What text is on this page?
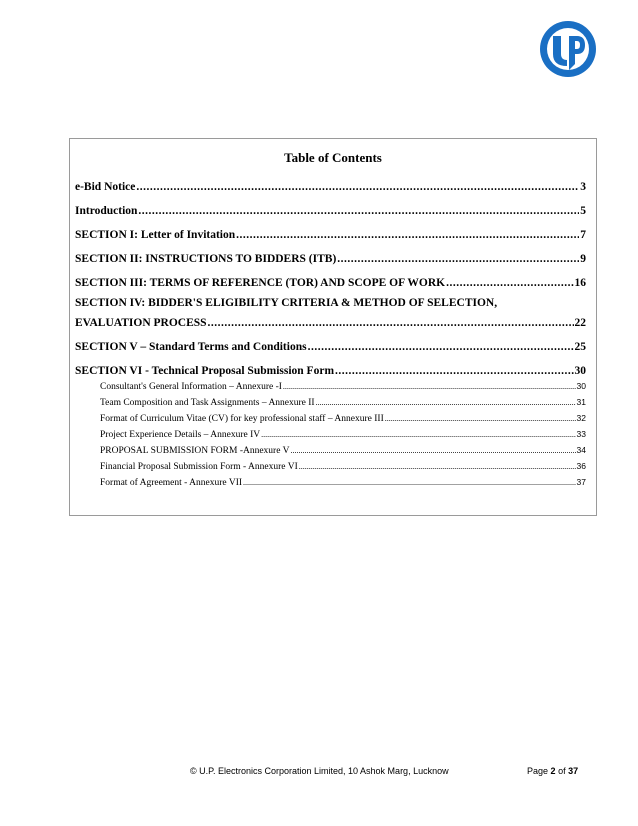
Table of Contents
e-Bid Notice .....	3
Introduction .....	5
SECTION I: Letter of Invitation .....	7
SECTION II: INSTRUCTIONS TO BIDDERS (ITB) .....	9
SECTION III: TERMS OF REFERENCE (TOR) AND SCOPE OF WORK .....	16
SECTION IV: BIDDER'S ELIGIBILITY CRITERIA & METHOD OF SELECTION,
EVALUATION PROCESS .....	22
SECTION V – Standard Terms and Conditions .....	25
SECTION VI - Technical Proposal Submission Form .....	30
Consultant's General Information – Annexure -I .....	30
Team Composition and Task Assignments – Annexure II .....	31
Format of Curriculum Vitae (CV) for key professional staff – Annexure III .....	32
Project Experience Details – Annexure IV .....	33
PROPOSAL SUBMISSION FORM -Annexure V .....	34
Financial Proposal Submission Form - Annexure VI .....	36
Format of Agreement - Annexure VII .....	37
© U.P. Electronics Corporation Limited, 10 Ashok Marg, Lucknow	Page 2 of 37
